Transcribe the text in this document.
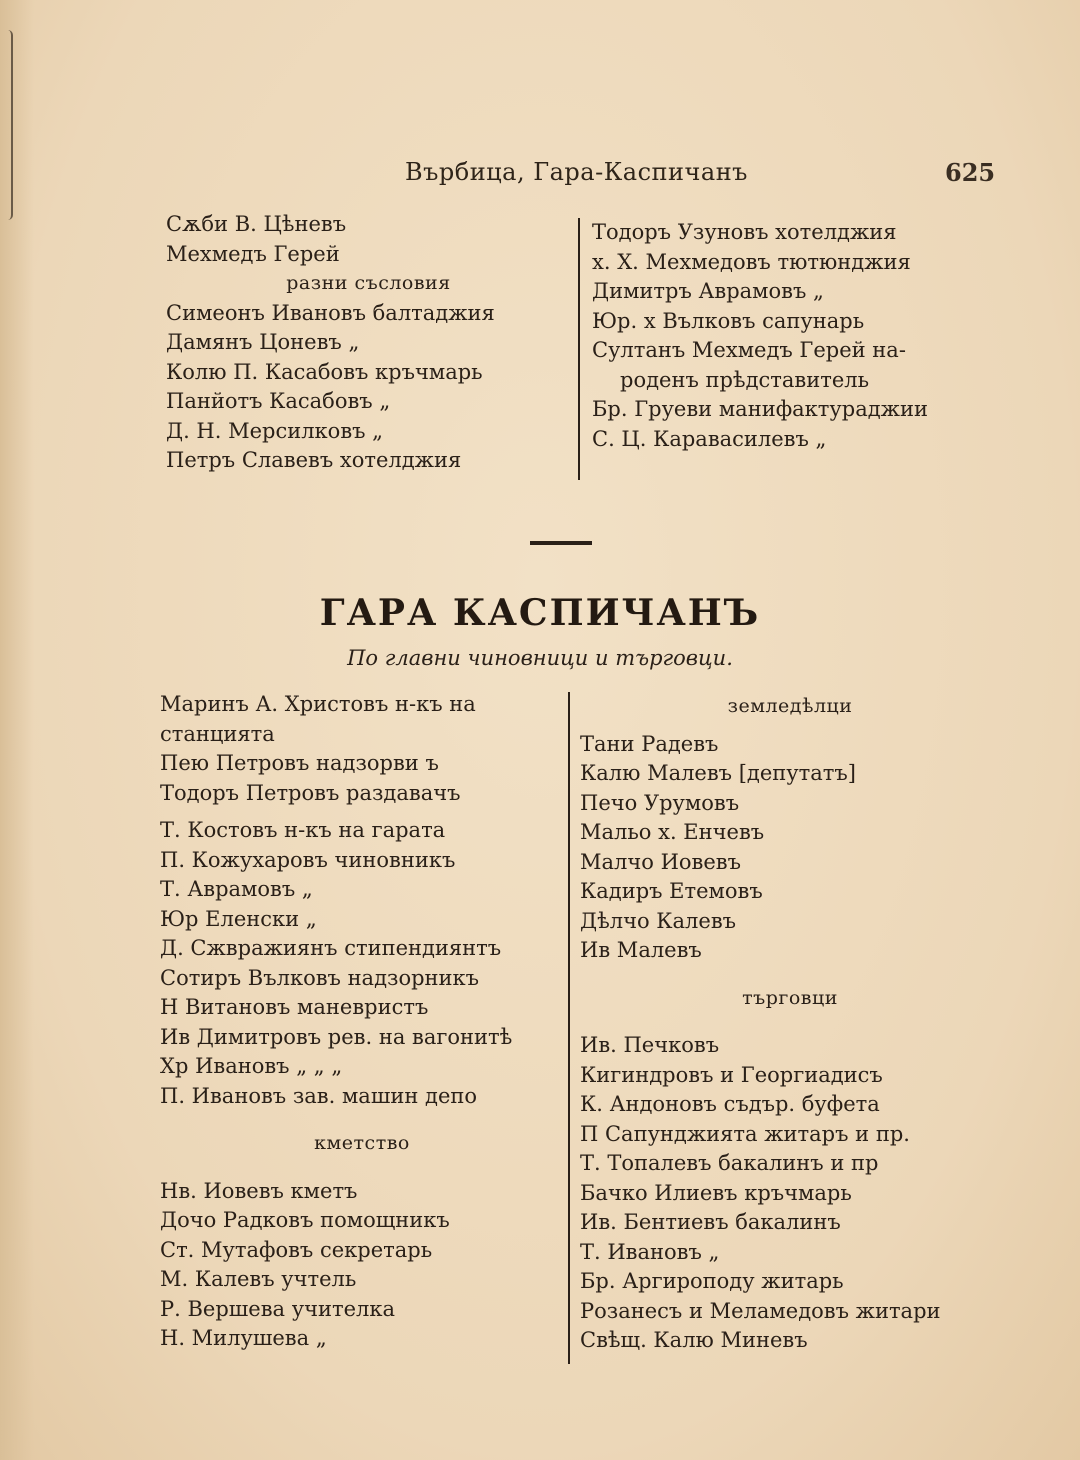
Върбица, Гара-Каспичанъ	625
Сѫби В. Цѣневъ
Мехмедъ Герей
разни съсловия
Симеонъ Ивановъ балтаджия
Дамянъ Цоневъ „
Колю П. Касабовъ кръчмарь
Панйотъ Касабовъ „
Д. Н. Мерсилковъ „
Петръ Славевъ хотелджия
Тодоръ Узуновъ хотелджия
х. Х. Мехмедовъ тютюнджия
Димитръ Аврамовъ „
Юр. х Вълковъ сапунарь
Султанъ Мехмедъ Герей на-
роденъ прѣдставитель
Бр. Груеви манифактураджии
С. Ц. Каравасилевъ „
ГАРА КАСПИЧАНЪ
По главни чиновници и търговци.
Маринъ А. Христовъ н-къ на
станцията
Пею Петровъ надзорви ъ
Тодоръ Петровъ раздавачъ
Т. Костовъ н-къ на гарата
П. Кожухаровъ чиновникъ
Т. Аврамовъ „
Юр Еленски „
Д. Сжвражиянъ стипендиянтъ
Сотиръ Вълковъ надзорникъ
Н Витановъ маневристъ
Ив Димитровъ рев. на вагонитѣ
Хр Ивановъ „ „ „
П. Ивановъ зав. машин депо
кметство
Нв. Иовевъ кметъ
Дочо Радковъ помощникъ
Ст. Мутафовъ секретарь
М. Калевъ учтель
Р. Вершева учителка
Н. Милушева „
земледѣлци
Тани Радевъ
Калю Малевъ [депутатъ]
Печо Урумовъ
Мальо х. Енчевъ
Малчо Иовевъ
Кадиръ Етемовъ
Дѣлчо Калевъ
Ив Малевъ
търговци
Ив. Печковъ
Кигиндровъ и Георгиадисъ
К. Андоновъ съдър. буфета
П Сапунджията житаръ и пр.
Т. Топалевъ бакалинъ и пр
Бачко Илиевъ кръчмарь
Ив. Бентиевъ бакалинъ
Т. Ивановъ „
Бр. Аргироподу житарь
Розанесъ и Меламедовъ житари
Свѣщ. Калю Миневъ
